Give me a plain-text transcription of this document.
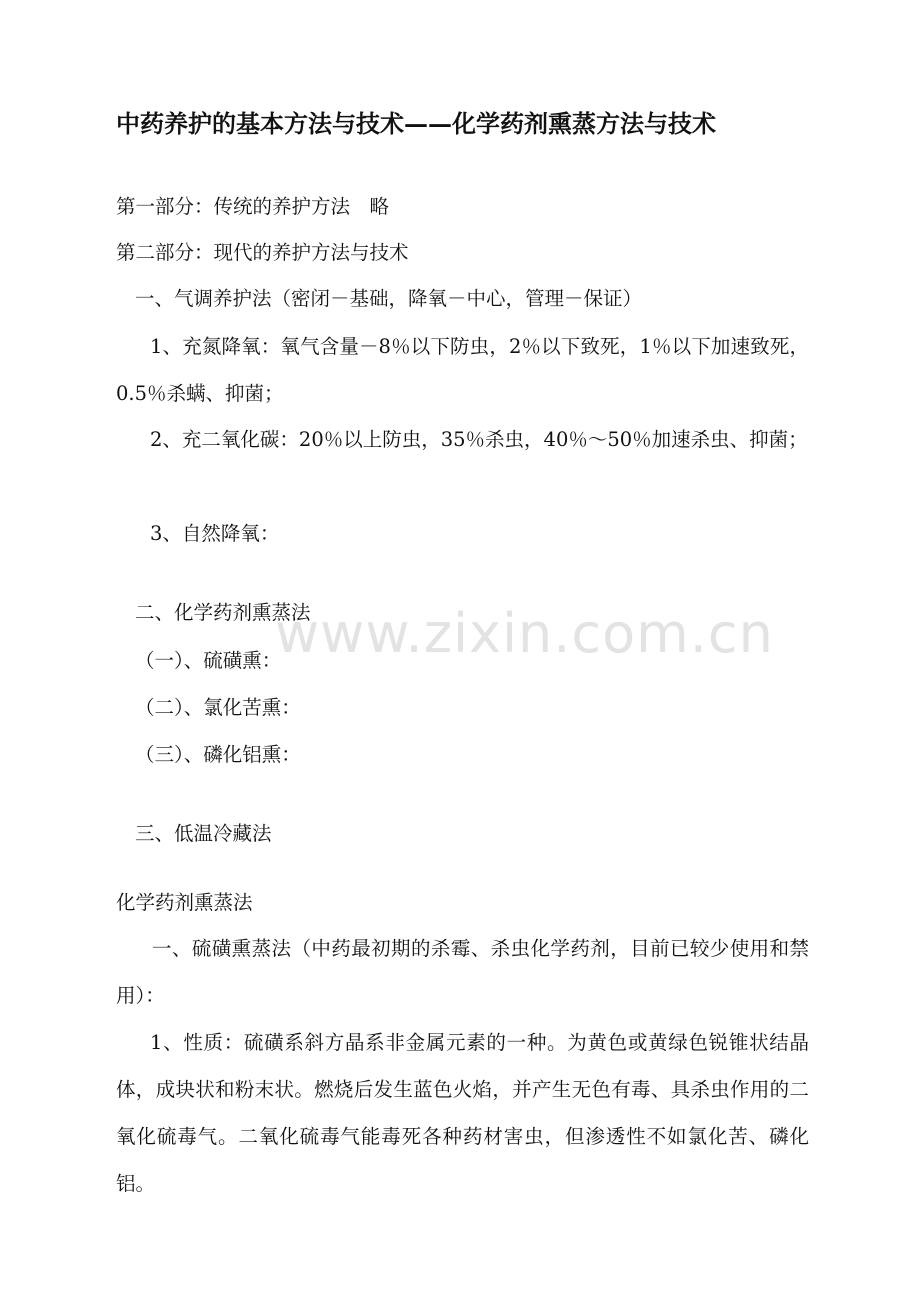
中药养护的基本方法与技术——化学药剂熏蒸方法与技术
第一部分：传统的养护方法　略
第二部分：现代的养护方法与技术
一、气调养护法（密闭－基础，降氧－中心，管理－保证）
1、充氮降氧：氧气含量－8％以下防虫，2％以下致死，1％以下加速致死，0.5％杀螨、抑菌；
2、充二氧化碳：20％以上防虫，35％杀虫，40％～50％加速杀虫、抑菌；
3、自然降氧：
二、化学药剂熏蒸法
（一）、硫磺熏：
（二）、氯化苦熏：
（三）、磷化铝熏：
三、低温冷藏法
化学药剂熏蒸法
一、硫磺熏蒸法（中药最初期的杀霉、杀虫化学药剂，目前已较少使用和禁用）：
1、性质：硫磺系斜方晶系非金属元素的一种。为黄色或黄绿色锐锥状结晶体，成块状和粉末状。燃烧后发生蓝色火焰，并产生无色有毒、具杀虫作用的二氧化硫毒气。二氧化硫毒气能毒死各种药材害虫，但渗透性不如氯化苦、磷化铝。
www.zixin.com.cn
